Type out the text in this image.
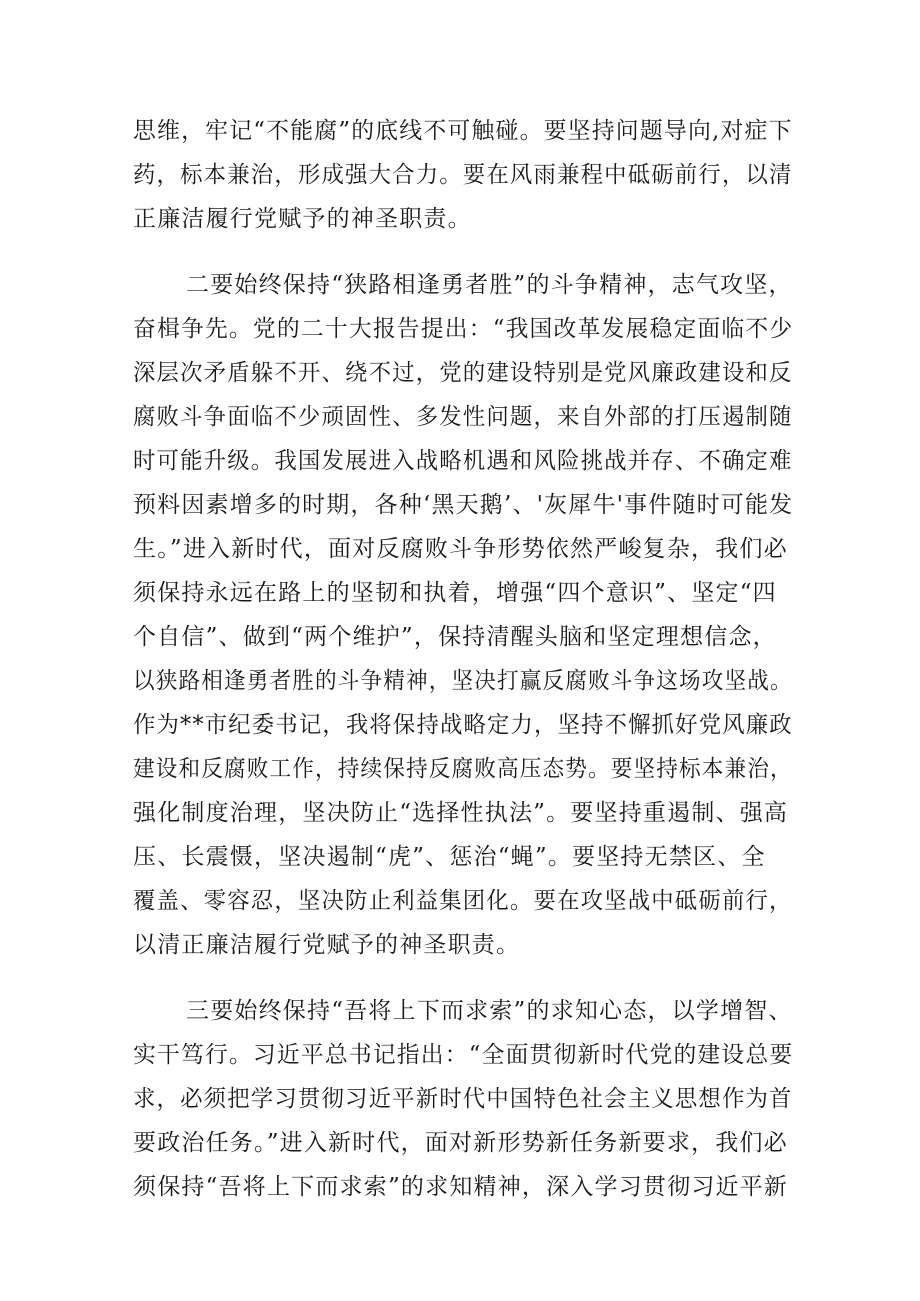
思维，牢记“不能腐”的底线不可触碰。要坚持问题导向,对症下
药，标本兼治，形成强大合力。要在风雨兼程中砥砺前行，以清
正廉洁履行党赋予的神圣职责。
二要始终保持“狭路相逢勇者胜”的斗争精神，志气攻坚，
奋楫争先。党的二十大报告提出：“我国改革发展稳定面临不少
深层次矛盾躲不开、绕不过，党的建设特别是党风廉政建设和反
腐败斗争面临不少顽固性、多发性问题，来自外部的打压遏制随
时可能升级。我国发展进入战略机遇和风险挑战并存、不确定难
预料因素增多的时期，各种‘黑天鹅’、'灰犀牛'事件随时可能发
生。”进入新时代，面对反腐败斗争形势依然严峻复杂，我们必
须保持永远在路上的坚韧和执着，增强“四个意识”、坚定“四
个自信”、做到“两个维护”，保持清醒头脑和坚定理想信念，
以狭路相逢勇者胜的斗争精神，坚决打赢反腐败斗争这场攻坚战。
作为**市纪委书记，我将保持战略定力，坚持不懈抓好党风廉政
建设和反腐败工作，持续保持反腐败高压态势。要坚持标本兼治，
强化制度治理，坚决防止“选择性执法”。要坚持重遏制、强高
压、长震慑，坚决遏制“虎”、惩治“蝇”。要坚持无禁区、全
覆盖、零容忍，坚决防止利益集团化。要在攻坚战中砥砺前行，
以清正廉洁履行党赋予的神圣职责。
三要始终保持“吾将上下而求索”的求知心态，以学增智、
实干笃行。习近平总书记指出：“全面贯彻新时代党的建设总要
求，必须把学习贯彻习近平新时代中国特色社会主义思想作为首
要政治任务。”进入新时代，面对新形势新任务新要求，我们必
须保持“吾将上下而求索”的求知精神，深入学习贯彻习近平新
